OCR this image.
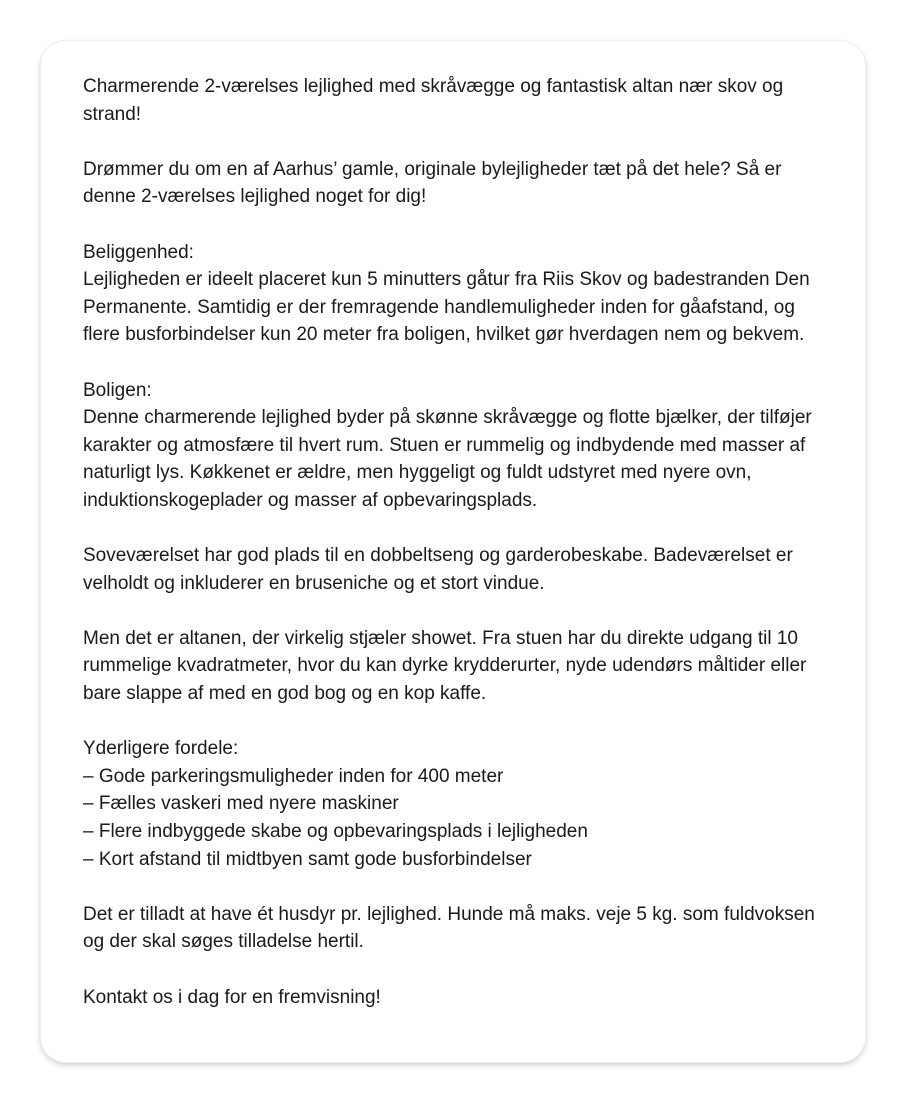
Charmerende 2-værelses lejlighed med skråvægge og fantastisk altan nær skov og strand!

Drømmer du om en af Aarhus’ gamle, originale bylejligheder tæt på det hele? Så er denne 2-værelses lejlighed noget for dig!

Beliggenhed:

Lejligheden er ideelt placeret kun 5 minutters gåtur fra Riis Skov og badestranden Den Permanente. Samtidig er der fremragende handlemuligheder inden for gåafstand, og flere busforbindelser kun 20 meter fra boligen, hvilket gør hverdagen nem og bekvem.

Boligen:

Denne charmerende lejlighed byder på skønne skråvægge og flotte bjælker, der tilføjer karakter og atmosfære til hvert rum. Stuen er rummelig og indbydende med masser af naturligt lys. Køkkenet er ældre, men hyggeligt og fuldt udstyret med nyere ovn, induktionskogeplader og masser af opbevaringsplads.

Soveværelset har god plads til en dobbeltseng og garderobeskabe. Badeværelset er velholdt og inkluderer en bruseniche og et stort vindue.

Men det er altanen, der virkelig stjæler showet. Fra stuen har du direkte udgang til 10 rummelige kvadratmeter, hvor du kan dyrke krydderurter, nyde udendørs måltider eller bare slappe af med en god bog og en kop kaffe.

Yderligere fordele:

– Gode parkeringsmuligheder inden for 400 meter

– Fælles vaskeri med nyere maskiner

– Flere indbyggede skabe og opbevaringsplads i lejligheden

– Kort afstand til midtbyen samt gode busforbindelser

Det er tilladt at have ét husdyr pr. lejlighed. Hunde må maks. veje 5 kg. som fuldvoksen og der skal søges tilladelse hertil.

Kontakt os i dag for en fremvisning!
